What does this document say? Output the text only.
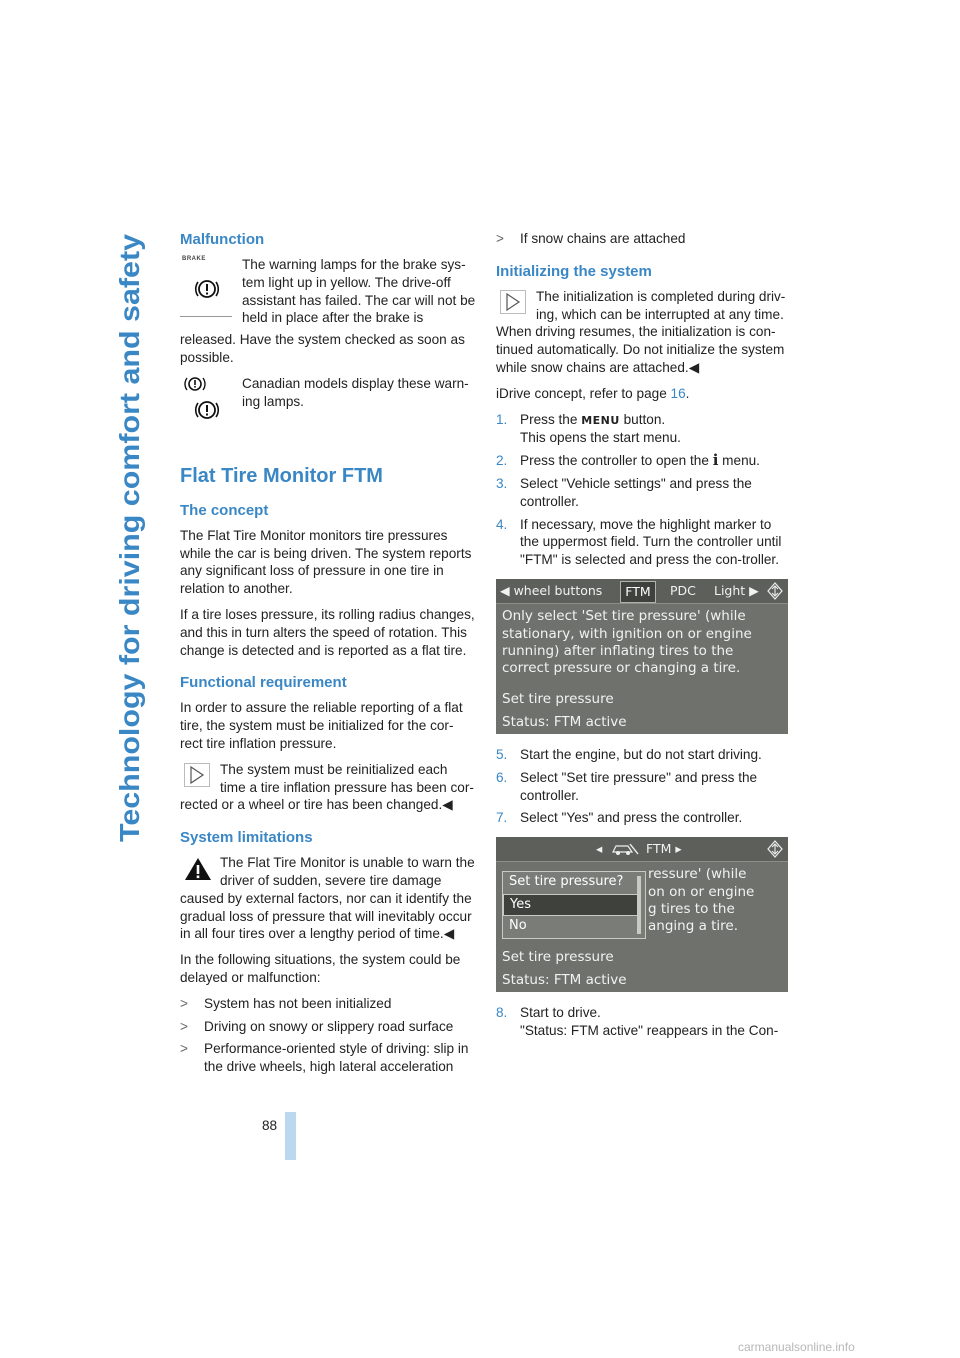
Technology for driving comfort and safety
Malfunction
BRAKE	The warning lamps for the brake sys-tem light up in yellow. The drive-off assistant has failed. The car will not be held in place after the brake is

released. Have the system checked as soon as possible.

Canadian models display these warn-ing lamps.

Flat Tire Monitor FTM
The concept

The Flat Tire Monitor monitors tire pressures while the car is being driven. The system reports any significant loss of pressure in one tire in relation to another.

If a tire loses pressure, its rolling radius changes, and this in turn alters the speed of rotation. This change is detected and is reported as a flat tire.

Functional requirement

In order to assure the reliable reporting of a flat tire, the system must be initialized for the cor-rect tire inflation pressure.

The system must be reinitialized each time a tire inflation pressure has been cor-rected or a wheel or tire has been changed.◀

System limitations

The Flat Tire Monitor is unable to warn the driver of sudden, severe tire damage caused by external factors, nor can it identify the gradual loss of pressure that will inevitably occur in all four tires over a lengthy period of time.◀

In the following situations, the system could be delayed or malfunction:

> System has not been initialized
> Driving on snowy or slippery road surface
> Performance-oriented style of driving: slip in the drive wheels, high lateral acceleration
> If snow chains are attached
Initializing the system

The initialization is completed during driv-ing, which can be interrupted at any time. When driving resumes, the initialization is con-tinued automatically. Do not initialize the system while snow chains are attached.◀

iDrive concept, refer to page 16.

1. Press the MENU button.
This opens the start menu.
2. Press the controller to open the i menu.
3. Select "Vehicle settings" and press the controller.
4. If necessary, move the highlight marker to the uppermost field. Turn the controller until "FTM" is selected and press the con-troller.
◀ wheel buttons	FTM	PDC Light ▶
Only select 'Set tire pressure' (while
stationary, with ignition on or engine
running) after inflating tires to the
correct pressure or changing a tire.
Set tire pressure
Status: FTM active
5. Start the engine, but do not start driving.
6. Select "Set tire pressure" and press the controller.
7. Select "Yes" and press the controller.
◂	FTM ▸
ressure' (while
on on or engine
g tires to the
anging a tire.
Set tire pressure?
Yes
No
Set tire pressure
Status: FTM active
8. Start to drive.
"Status: FTM active" reappears in the Con-
88
carmanualsonline.info
